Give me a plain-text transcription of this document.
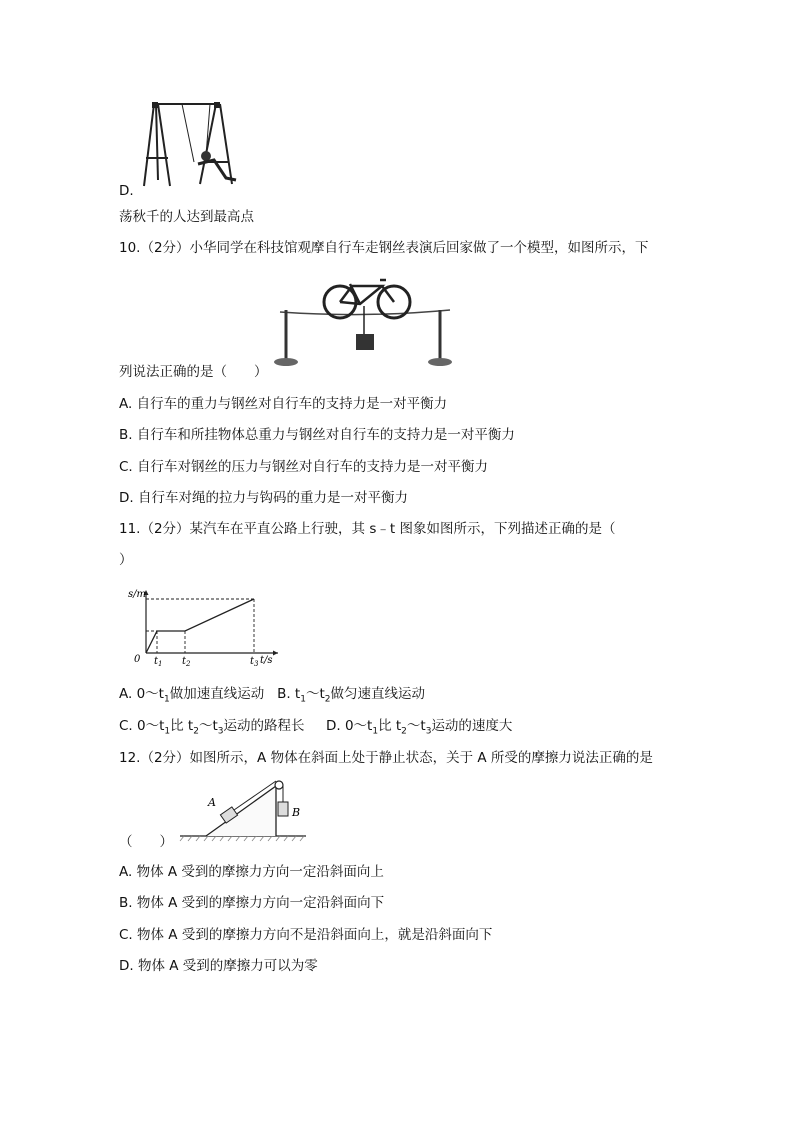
D.
荡秋千的人达到最高点
10.（2分）小华同学在科技馆观摩自行车走钢丝表演后回家做了一个模型，如图所示，下
列说法正确的是（　　）
A. 自行车的重力与钢丝对自行车的支持力是一对平衡力
B. 自行车和所挂物体总重力与钢丝对自行车的支持力是一对平衡力
C. 自行车对钢丝的压力与钢丝对自行车的支持力是一对平衡力
D. 自行车对绳的拉力与钩码的重力是一对平衡力
11.（2分）某汽车在平直公路上行驶，其 s﹣t 图象如图所示，下列描述正确的是（
）
s/m
0 $t_1$ $t_2$	$t_3$ t/s
A. $0\sim t_1$做加速直线运动 B. $t_1\sim t_2$做匀速直线运动
C. $0\sim t_1$比 $t_2\sim t_3$运动的路程长 D. $0\sim t_1$比 $t_2\sim t_3$运动的速度大
12.（2分）如图所示，A 物体在斜面上处于静止状态，关于 A 所受的摩擦力说法正确的是
A
B
（　　）
A. 物体 A 受到的摩擦力方向一定沿斜面向上
B. 物体 A 受到的摩擦力方向一定沿斜面向下
C. 物体 A 受到的摩擦力方向不是沿斜面向上，就是沿斜面向下
D. 物体 A 受到的摩擦力可以为零
